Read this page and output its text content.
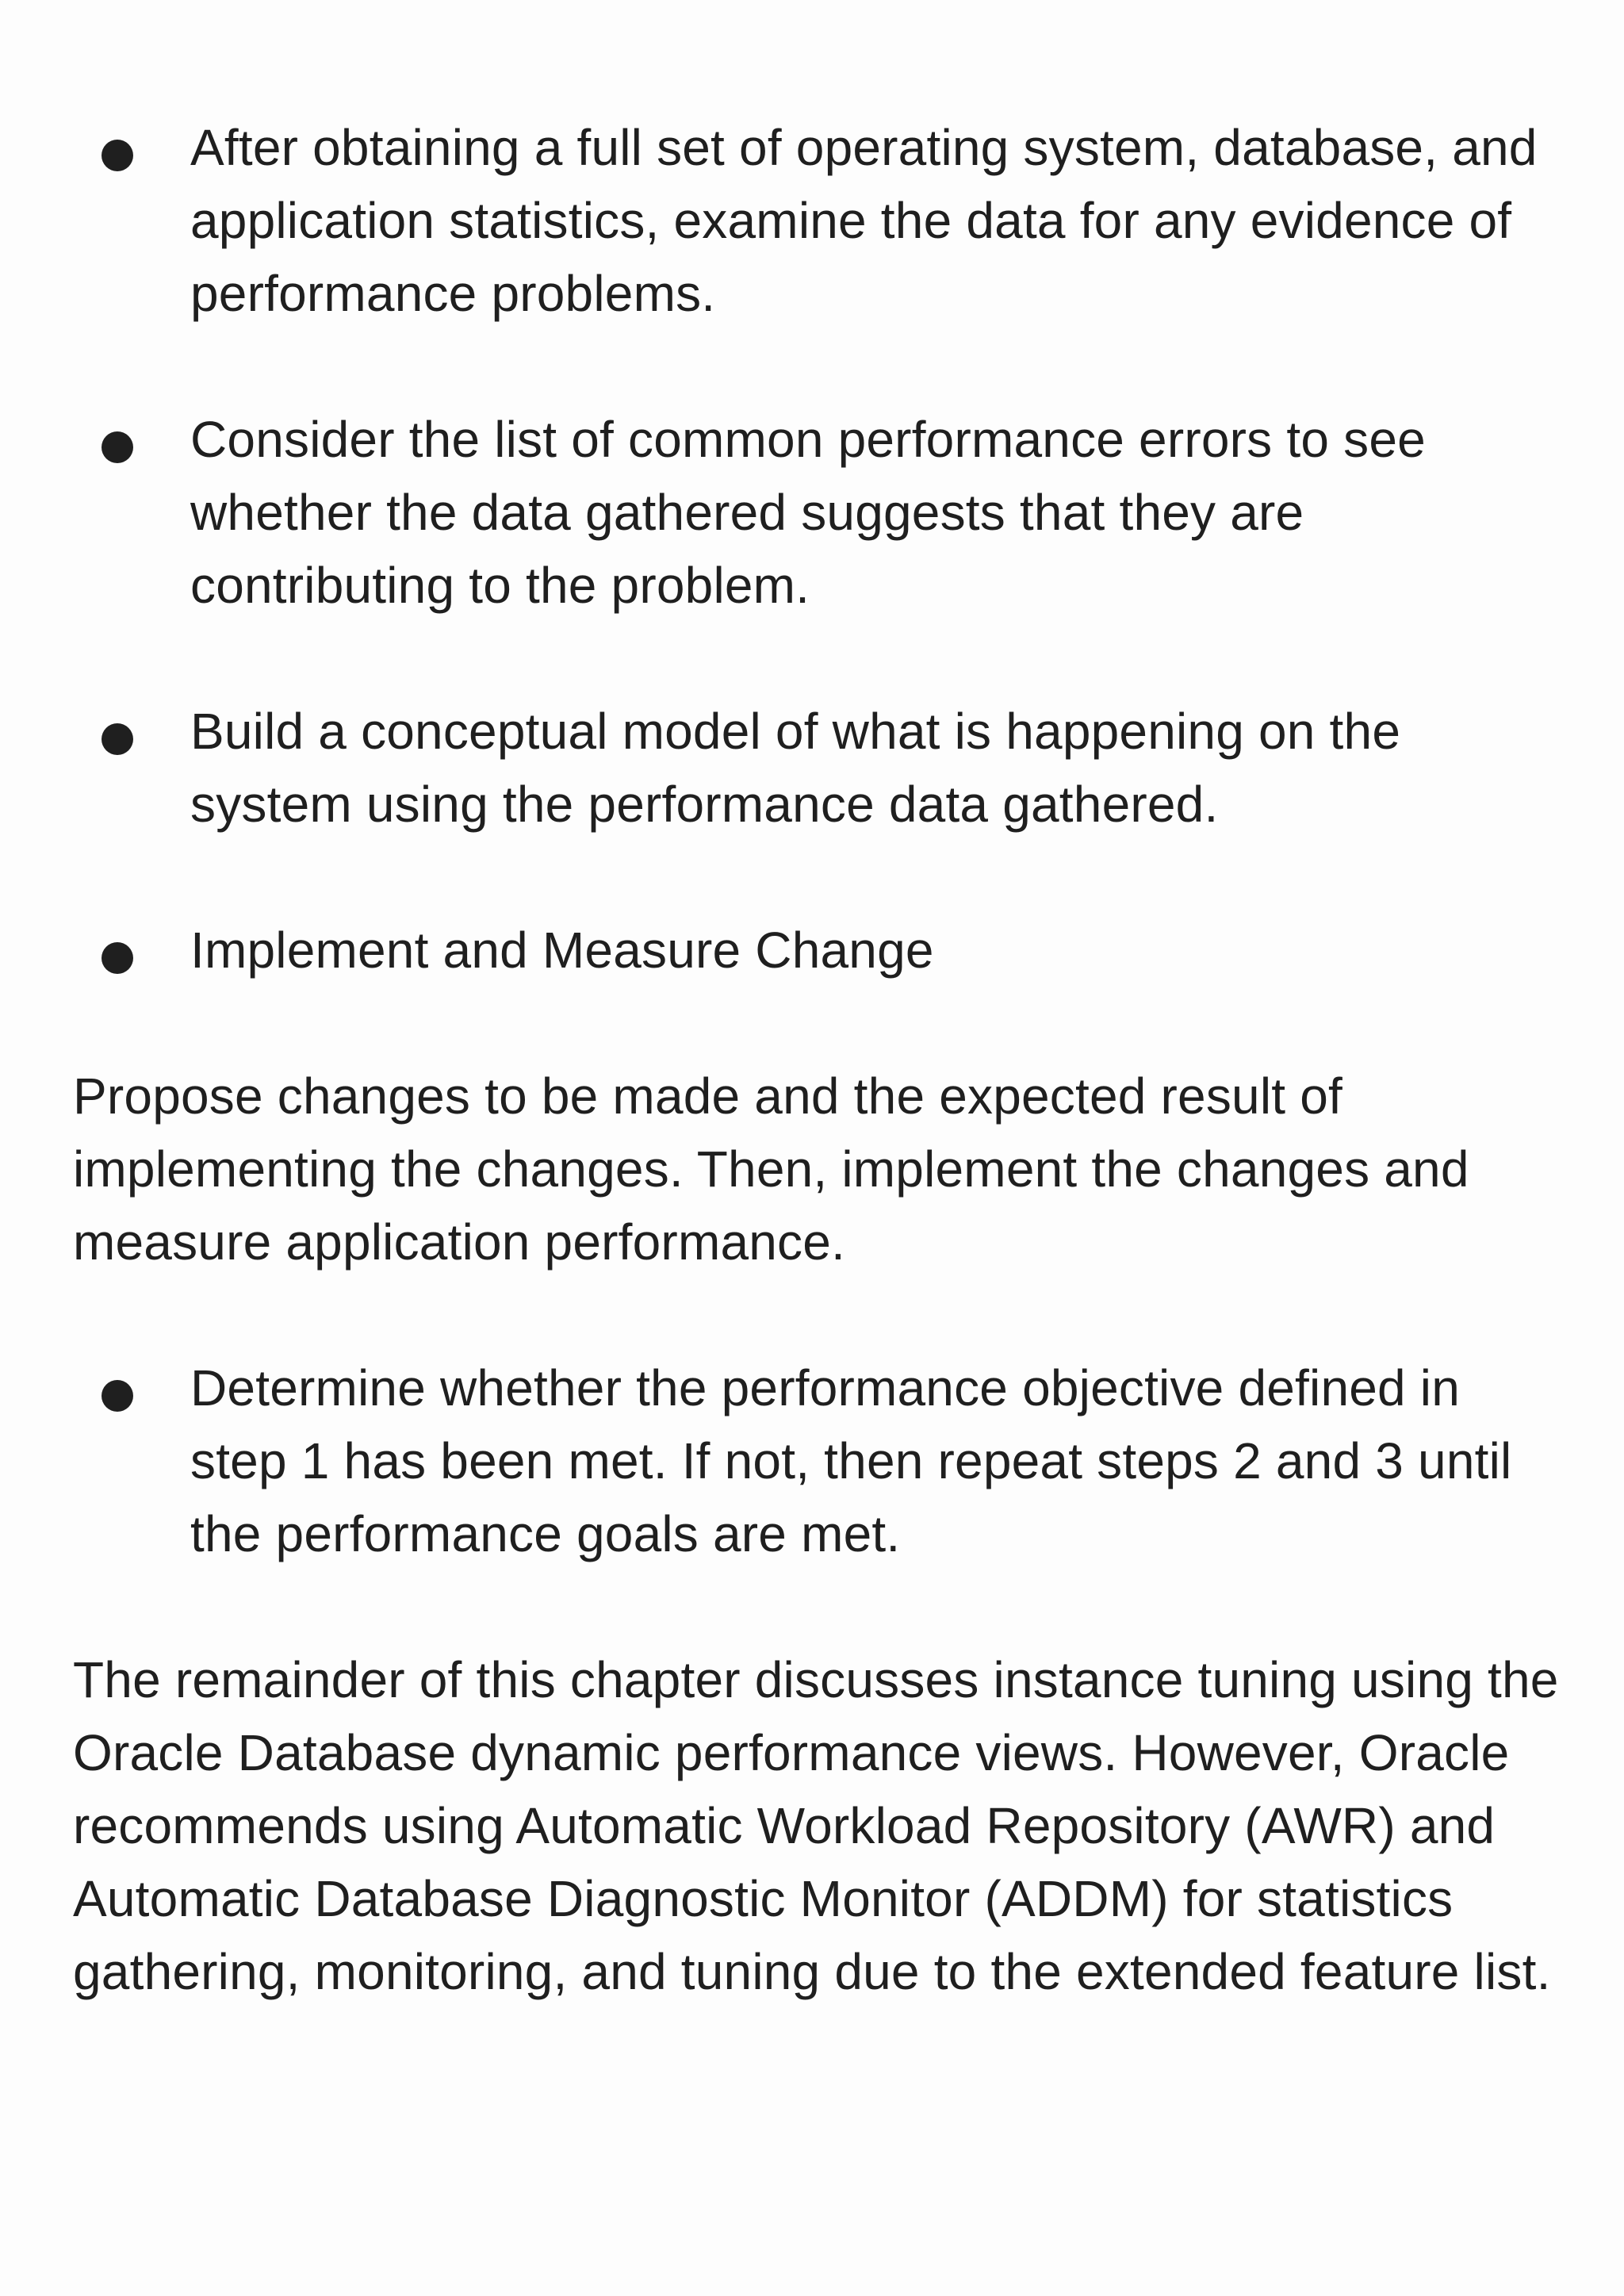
After obtaining a full set of operating system, database, and application statistics, examine the data for any evidence of performance problems.

Consider the list of common performance errors to see whether the data gathered suggests that they are contributing to the problem.

Build a conceptual model of what is happening on the system using the performance data gathered.

Implement and Measure Change

Propose changes to be made and the expected result of implementing the changes. Then, implement the changes and measure application performance.

Determine whether the performance objective defined in step 1 has been met. If not, then repeat steps 2 and 3 until the performance goals are met.

The remainder of this chapter discusses instance tuning using the Oracle Database dynamic performance views. However, Oracle recommends using Automatic Workload Repository (AWR) and Automatic Database Diagnostic Monitor (ADDM) for statistics gathering, monitoring, and tuning due to the extended feature list.
